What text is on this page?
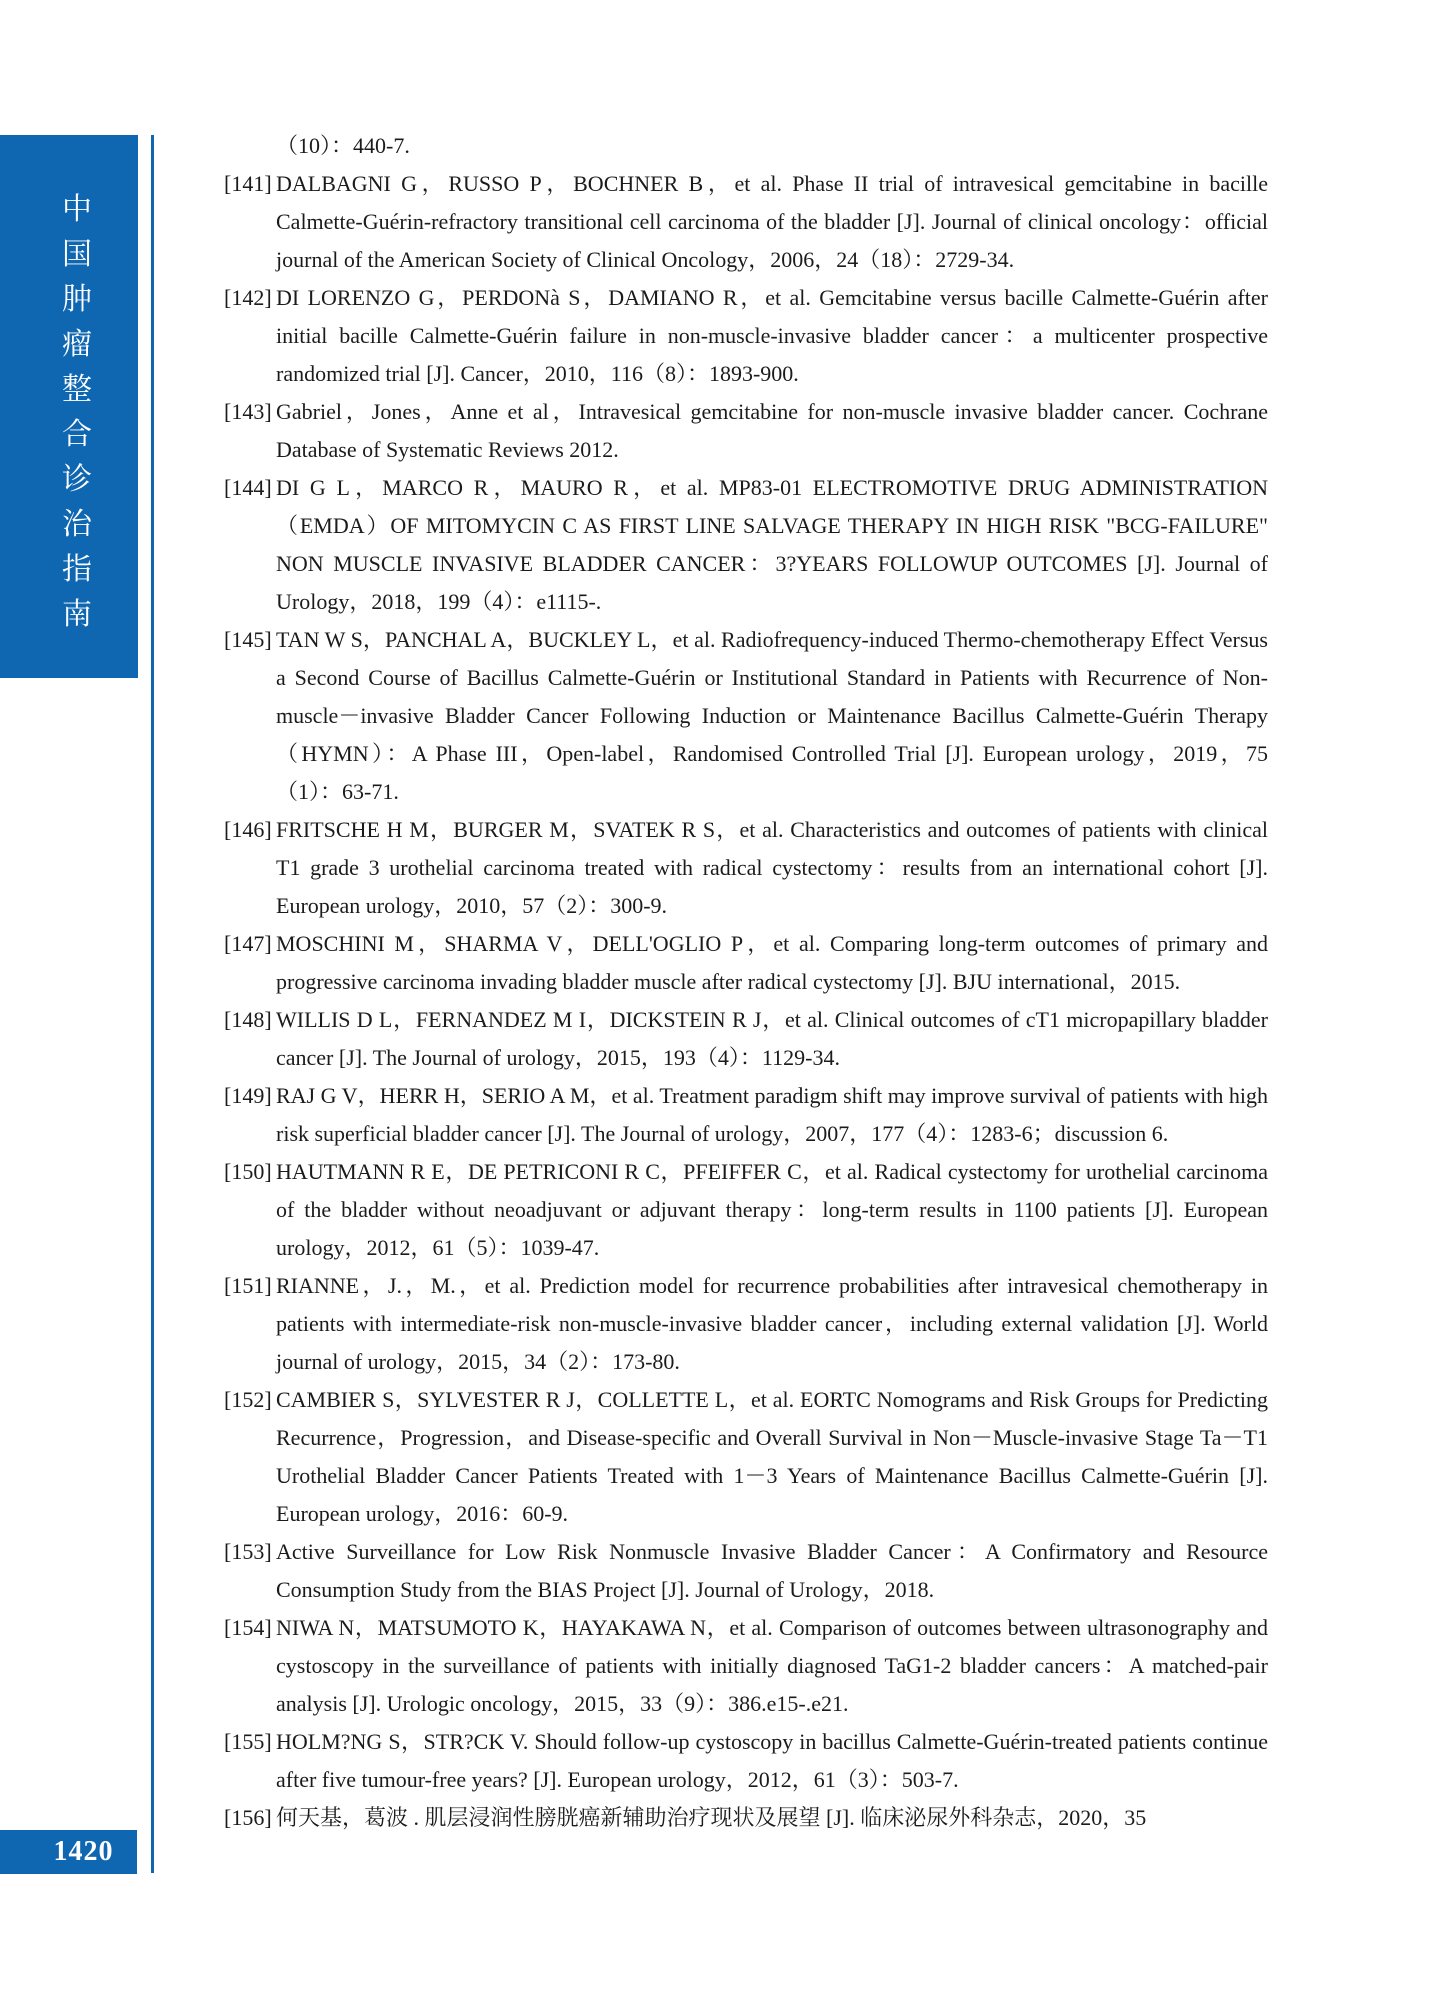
中
国
肿
瘤
整
合
诊
治
指
南
1420

（10）：440-7.

[141] DALBAGNI G，RUSSO P，BOCHNER B，et al. Phase II trial of intravesical gemcitabine in bacille Calmette-Guérin-refractory transitional cell carcinoma of the bladder [J]. Journal of clinical oncology：official journal of the American Society of Clinical Oncology，2006，24（18）：2729-34.

[142] DI LORENZO G，PERDONà S，DAMIANO R，et al. Gemcitabine versus bacille Calmette-Guérin after initial bacille Calmette-Guérin failure in non-muscle-invasive bladder cancer：a multicenter prospective randomized trial [J]. Cancer，2010，116（8）：1893-900.

[143] Gabriel，Jones，Anne et al，Intravesical gemcitabine for non-muscle invasive bladder cancer. Cochrane Database of Systematic Reviews 2012.

[144] DI G L，MARCO R，MAURO R，et al. MP83-01 ELECTROMOTIVE DRUG ADMINISTRATION（EMDA）OF MITOMYCIN C AS FIRST LINE SALVAGE THERAPY IN HIGH RISK "BCG-FAILURE" NON MUSCLE INVASIVE BLADDER CANCER：3?YEARS FOLLOWUP OUTCOMES [J]. Journal of Urology，2018，199（4）：e1115-.

[145] TAN W S，PANCHAL A，BUCKLEY L，et al. Radiofrequency-induced Thermo-chemotherapy Effect Versus a Second Course of Bacillus Calmette-Guérin or Institutional Standard in Patients with Recurrence of Non-muscle－invasive Bladder Cancer Following Induction or Maintenance Bacillus Calmette-Guérin Therapy（HYMN）：A Phase III，Open-label，Randomised Controlled Trial [J]. European urology，2019，75（1）：63-71.

[146] FRITSCHE H M，BURGER M，SVATEK R S，et al. Characteristics and outcomes of patients with clinical T1 grade 3 urothelial carcinoma treated with radical cystectomy：results from an international cohort [J]. European urology，2010，57（2）：300-9.

[147] MOSCHINI M，SHARMA V，DELL'OGLIO P，et al. Comparing long-term outcomes of primary and progressive carcinoma invading bladder muscle after radical cystectomy [J]. BJU international，2015.

[148] WILLIS D L，FERNANDEZ M I，DICKSTEIN R J，et al. Clinical outcomes of cT1 micropapillary bladder cancer [J]. The Journal of urology，2015，193（4）：1129-34.

[149] RAJ G V，HERR H，SERIO A M，et al. Treatment paradigm shift may improve survival of patients with high risk superficial bladder cancer [J]. The Journal of urology，2007，177（4）：1283-6；discussion 6.

[150] HAUTMANN R E，DE PETRICONI R C，PFEIFFER C，et al. Radical cystectomy for urothelial carcinoma of the bladder without neoadjuvant or adjuvant therapy：long-term results in 1100 patients [J]. European urology，2012，61（5）：1039-47.

[151] RIANNE，J.，M.，et al. Prediction model for recurrence probabilities after intravesical chemotherapy in patients with intermediate-risk non-muscle-invasive bladder cancer，including external validation [J]. World journal of urology，2015，34（2）：173-80.

[152] CAMBIER S，SYLVESTER R J，COLLETTE L，et al. EORTC Nomograms and Risk Groups for Predicting Recurrence，Progression，and Disease-specific and Overall Survival in Non－Muscle-invasive Stage Ta－T1 Urothelial Bladder Cancer Patients Treated with 1－3 Years of Maintenance Bacillus Calmette-Guérin [J]. European urology，2016：60-9.

[153] Active Surveillance for Low Risk Nonmuscle Invasive Bladder Cancer：A Confirmatory and Resource Consumption Study from the BIAS Project [J]. Journal of Urology，2018.

[154] NIWA N，MATSUMOTO K，HAYAKAWA N，et al. Comparison of outcomes between ultrasonography and cystoscopy in the surveillance of patients with initially diagnosed TaG1-2 bladder cancers：A matched-pair analysis [J]. Urologic oncology，2015，33（9）：386.e15-.e21.

[155] HOLM?NG S，STR?CK V. Should follow-up cystoscopy in bacillus Calmette-Guérin-treated patients continue after five tumour-free years? [J]. European urology，2012，61（3）：503-7.

[156] 何天基，葛波 . 肌层浸润性膀胱癌新辅助治疗现状及展望 [J]. 临床泌尿外科杂志，2020，35
